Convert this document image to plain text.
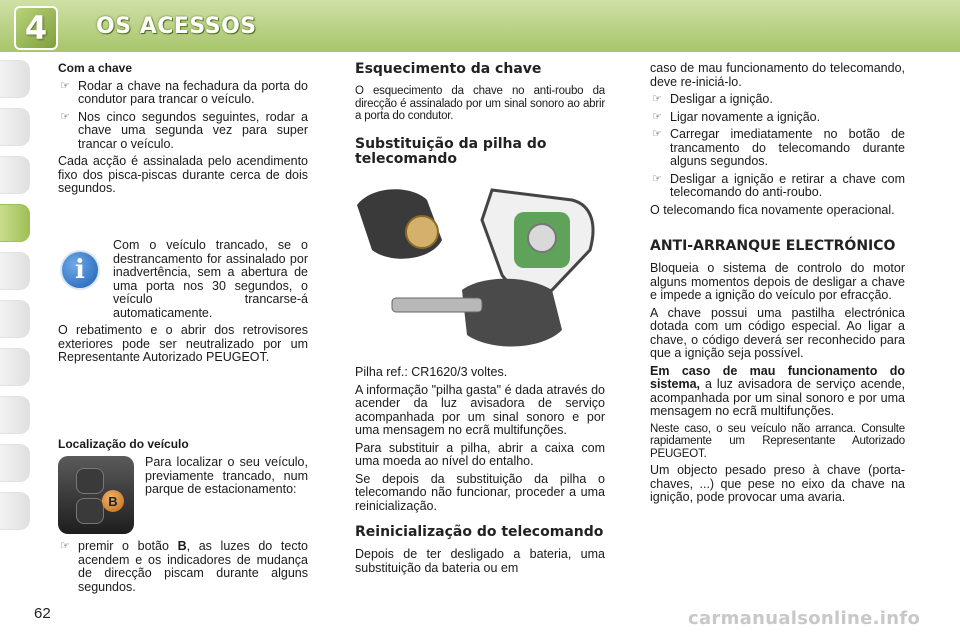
4	OS ACESSOS
Com a chave
☞ Rodar a chave na fechadura da porta do condutor para trancar o veículo.
☞ Nos cinco segundos seguintes, rodar a chave uma segunda vez para super trancar o veículo.
Cada acção é assinalada pelo acendimento fixo dos pisca-piscas durante cerca de dois segundos.
i
Com o veículo trancado, se o destrancamento for assinalado por inadvertência, sem a abertura de uma porta nos 30 segundos, o veículo trancarse-á automaticamente.
O rebatimento e o abrir dos retrovisores exteriores pode ser neutralizado por um Representante Autorizado PEUGEOT.
Localização do veículo
B
Para localizar o seu veículo, previamente trancado, num parque de estacionamento:
☞ premir o botão B, as luzes do tecto acendem e os indicadores de mudança de direcção piscam durante alguns segundos.
Esquecimento da chave
O esquecimento da chave no anti-roubo da direcção é assinalado por um sinal sonoro ao abrir a porta do condutor.
Substituição da pilha do telecomando
Pilha ref.: CR1620/3 voltes.
A informação "pilha gasta" é dada através do acender da luz avisadora de serviço acompanhada por um sinal sonoro e por uma mensagem no ecrã multifunções.
Para substituir a pilha, abrir a caixa com uma moeda ao nível do entalho.
Se depois da substituição da pilha o telecomando não funcionar, proceder a uma reinicialização.
Reinicialização do telecomando
Depois de ter desligado a bateria, uma substituição da bateria ou em
caso de mau funcionamento do telecomando, deve re-iniciá-lo.
☞ Desligar a ignição.
☞ Ligar novamente a ignição.
☞ Carregar imediatamente no botão de trancamento do telecomando durante alguns segundos.
☞ Desligar a ignição e retirar a chave com telecomando do anti-roubo.
O telecomando fica novamente operacional.
ANTI-ARRANQUE ELECTRÓNICO
Bloqueia o sistema de controlo do motor alguns momentos depois de desligar a chave e impede a ignição do veículo por efracção.
A chave possui uma pastilha electrónica dotada com um código especial. Ao ligar a chave, o código deverá ser reconhecido para que a ignição seja possível.
Em caso de mau funcionamento do sistema, a luz avisadora de serviço acende, acompanhada por um sinal sonoro e por uma mensagem no ecrã multifunções.
Neste caso, o seu veículo não arranca. Consulte rapidamente um Representante Autorizado PEUGEOT.
Um objecto pesado preso à chave (porta-chaves, ...) que pese no eixo da chave na ignição, pode provocar uma avaria.
62	carmanualsonline.info
